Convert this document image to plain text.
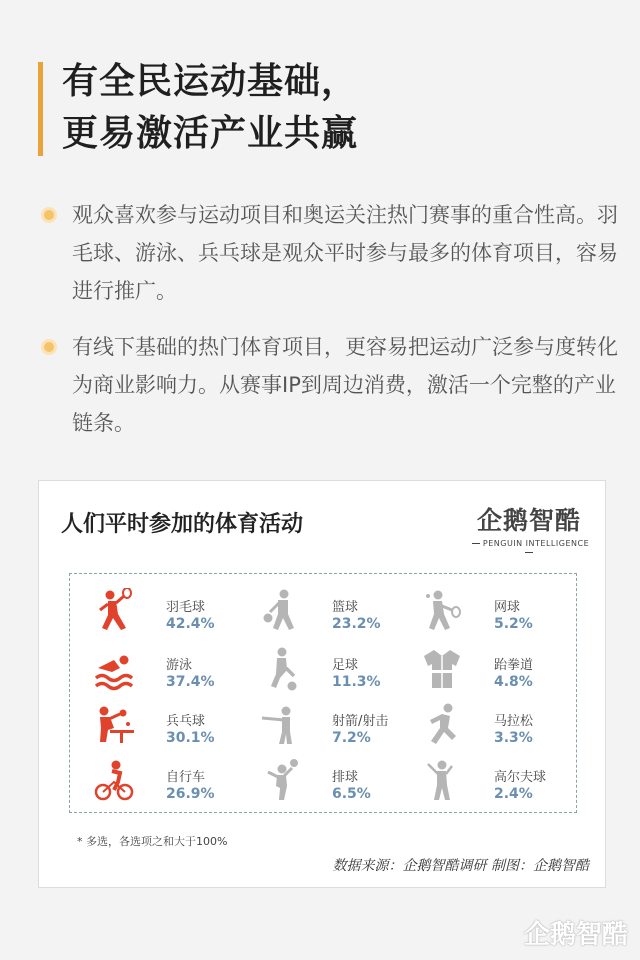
有全民运动基础，
更易激活产业共赢
观众喜欢参与运动项目和奥运关注热门赛事的重合性高。羽毛球、游泳、兵乓球是观众平时参与最多的体育项目，容易进行推广。
有线下基础的热门体育项目，更容易把运动广泛参与度转化为商业影响力。从赛事IP到周边消费，激活一个完整的产业链条。
人们平时参加的体育活动	企鹅智酷
PENGUIN INTELLIGENCE
羽毛球
42.4%
游泳
37.4%
兵乓球
30.1%
自行车
26.9%
篮球
23.2%
足球
11.3%
射箭/射击
7.2%
排球
6.5%
网球
5.2%
跆拳道
4.8%
马拉松
3.3%
高尔夫球
2.4%
* 多选，各选项之和大于100%
数据来源：企鹅智酷调研 制图：企鹅智酷
企鹅智酷
